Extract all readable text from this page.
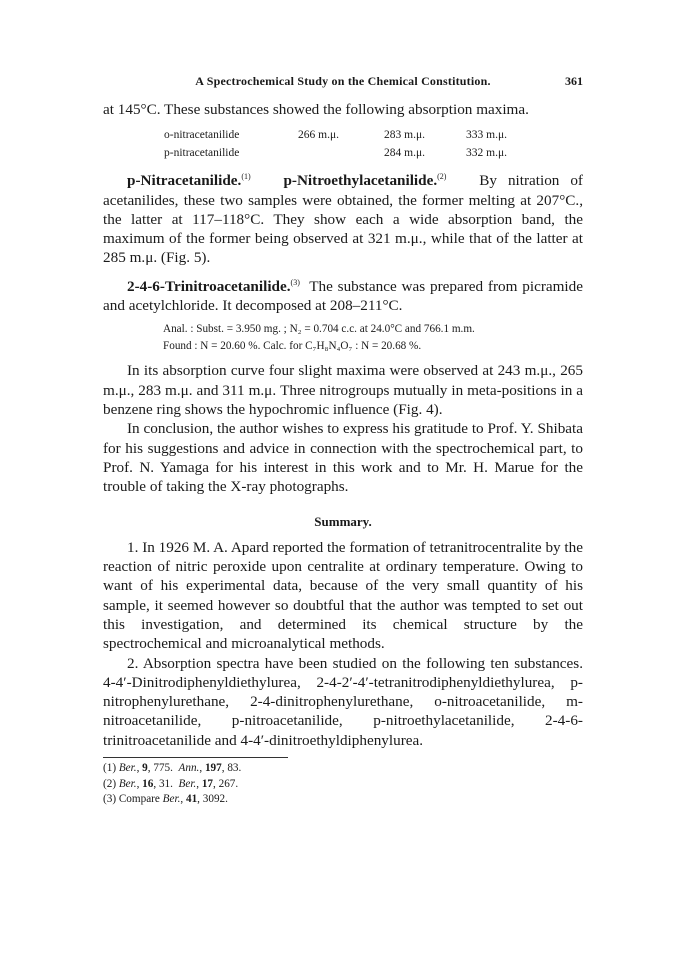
A Spectrochemical Study on the Chemical Constitution.	361

at 145°C. These substances showed the following absorption maxima.

o-nitracetanilide	266 m.μ.	283 m.μ.	333 m.μ.
p-nitracetanilide		284 m.μ.	332 m.μ.

p-Nitracetanilide.$^{(1)}$ p-Nitroethylacetanilide.$^{(2)}$ By nitration of acetanilides, these two samples were obtained, the former melting at 207°C., the latter at 117–118°C. They show each a wide absorption band, the maximum of the former being observed at 321 m.μ., while that of the latter at 285 m.μ. (Fig. 5).

2-4-6-Trinitroacetanilide.$^{(3)}$ The substance was prepared from picramide and acetylchloride. It decomposed at 208–211°C.

Anal. : Subst. = 3.950 mg. ; N₂ = 0.704 c.c. at 24.0°C and 766.1 m.m.
Found : N = 20.60 %. Calc. for C₇H₈N₄O₇ : N = 20.68 %.

In its absorption curve four slight maxima were observed at 243 m.μ., 265 m.μ., 283 m.μ. and 311 m.μ. Three nitrogroups mutually in meta-positions in a benzene ring shows the hypochromic influence (Fig. 4).

In conclusion, the author wishes to express his gratitude to Prof. Y. Shibata for his suggestions and advice in connection with the spectrochemical part, to Prof. N. Yamaga for his interest in this work and to Mr. H. Marue for the trouble of taking the X-ray photographs.

Summary.

1. In 1926 M. A. Apard reported the formation of tetranitrocentralite by the reaction of nitric peroxide upon centralite at ordinary temperature. Owing to want of his experimental data, because of the very small quantity of his sample, it seemed however so doubtful that the author was tempted to set out this investigation, and determined its chemical structure by the spectrochemical and microanalytical methods.

2. Absorption spectra have been studied on the following ten substances. 4-4′-Dinitrodiphenyldiethylurea, 2-4-2′-4′-tetranitrodiphenyldiethylurea, p-nitrophenylurethane, 2-4-dinitrophenylurethane, o-nitroacetanilide, m-nitroacetanilide, p-nitroacetanilide, p-nitroethylacetanilide, 2-4-6-trinitroacetanilide and 4-4′-dinitroethyldiphenylurea.

(1) Ber., 9, 775. Ann., 197, 83.
(2) Ber., 16, 31. Ber., 17, 267.
(3) Compare Ber., 41, 3092.
